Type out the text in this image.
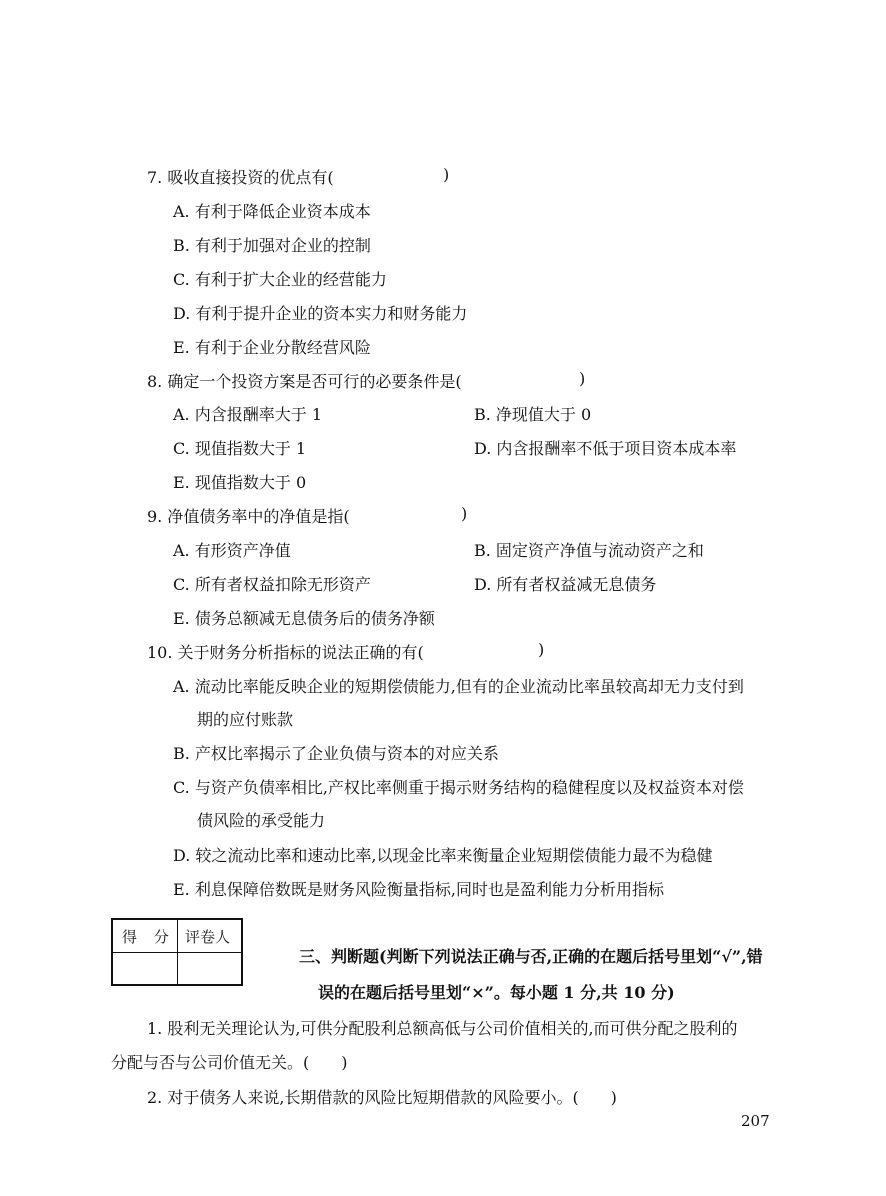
7. 吸收直接投资的优点有(	)
A. 有利于降低企业资本成本
B. 有利于加强对企业的控制
C. 有利于扩大企业的经营能力
D. 有利于提升企业的资本实力和财务能力
E. 有利于企业分散经营风险
8. 确定一个投资方案是否可行的必要条件是(	)
A. 内含报酬率大于 1	B. 净现值大于 0
C. 现值指数大于 1	D. 内含报酬率不低于项目资本成本率
E. 现值指数大于 0
9. 净值债务率中的净值是指(	)
A. 有形资产净值	B. 固定资产净值与流动资产之和
C. 所有者权益扣除无形资产	D. 所有者权益减无息债务
E. 债务总额减无息债务后的债务净额
10. 关于财务分析指标的说法正确的有(	)
A. 流动比率能反映企业的短期偿债能力,但有的企业流动比率虽较高却无力支付到
期的应付账款
B. 产权比率揭示了企业负债与资本的对应关系
C. 与资产负债率相比,产权比率侧重于揭示财务结构的稳健程度以及权益资本对偿
债风险的承受能力
D. 较之流动比率和速动比率,以现金比率来衡量企业短期偿债能力最不为稳健
E. 利息保障倍数既是财务风险衡量指标,同时也是盈利能力分析用指标
得 分 评卷人
三、判断题(判断下列说法正确与否,正确的在题后括号里划“√”,错
误的在题后括号里划“×”。每小题 1 分,共 10 分)
1. 股利无关理论认为,可供分配股利总额高低与公司价值相关的,而可供分配之股利的
分配与否与公司价值无关。(　　)
2. 对于债务人来说,长期借款的风险比短期借款的风险要小。(　　)
207
